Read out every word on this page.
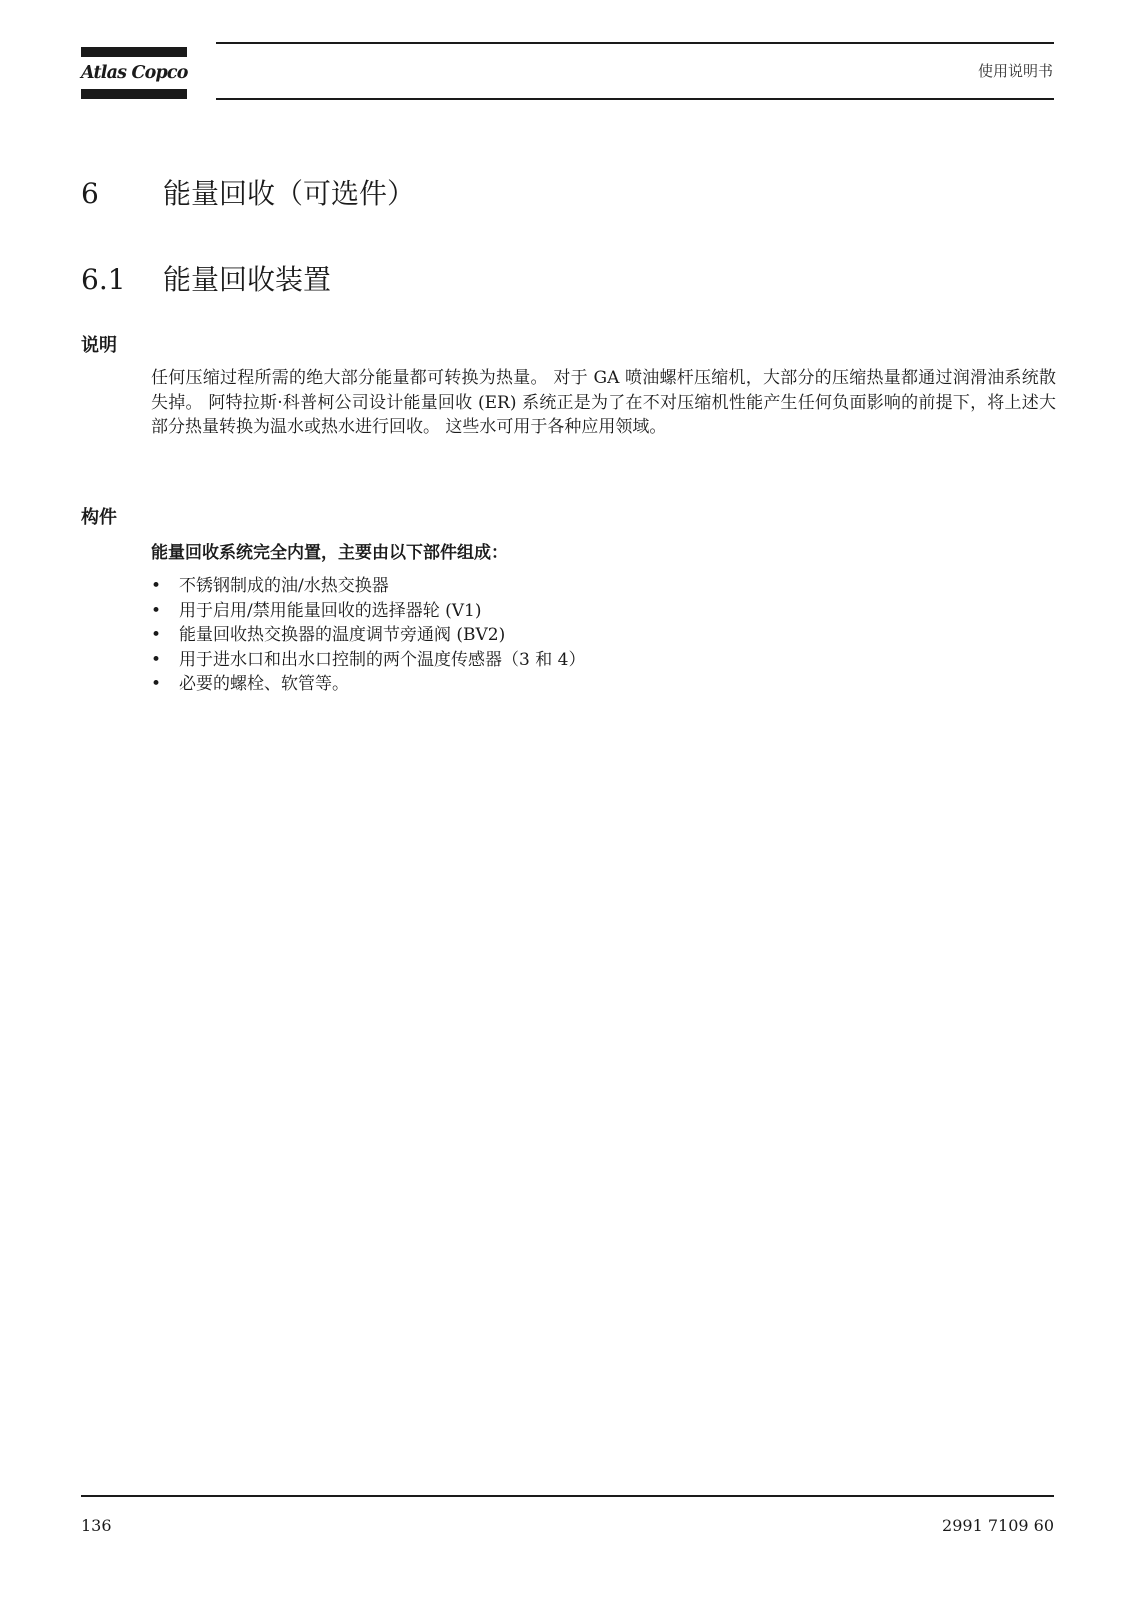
Atlas Copco	使用说明书
6 能量回收（可选件）
6.1 能量回收装置
说明

任何压缩过程所需的绝大部分能量都可转换为热量。 对于 GA 喷油螺杆压缩机，大部分的压缩热量都通过润滑油系统散失掉。 阿特拉斯·科普柯公司设计能量回收 (ER) 系统正是为了在不对压缩机性能产生任何负面影响的前提下，将上述大部分热量转换为温水或热水进行回收。 这些水可用于各种应用领域。

构件
能量回收系统完全内置，主要由以下部件组成：
• 不锈钢制成的油/水热交换器
• 用于启用/禁用能量回收的选择器轮 (V1)
• 能量回收热交换器的温度调节旁通阀 (BV2)
• 用于进水口和出水口控制的两个温度传感器（3 和 4）
• 必要的螺栓、软管等。
136	2991 7109 60
